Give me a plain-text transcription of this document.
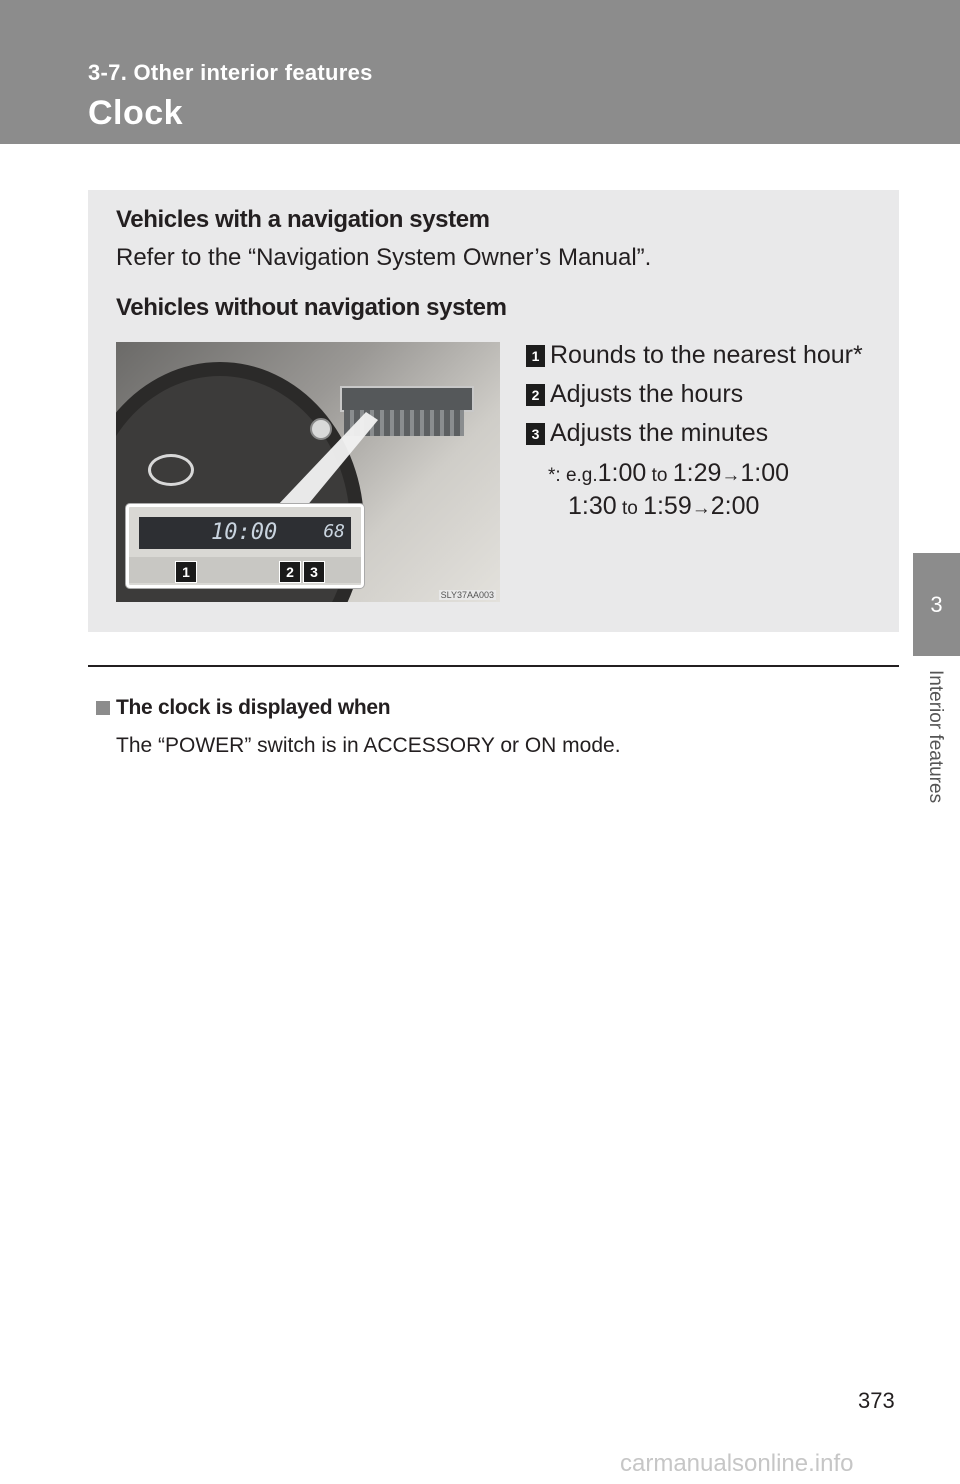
3-7. Other interior features
Clock
3
Interior features
Vehicles with a navigation system
Refer to the “Navigation System Owner’s Manual”.
Vehicles without navigation system
10:00	68
1	2	3
SLY37AA003
1 Rounds to the nearest hour*
2 Adjusts the hours
3 Adjusts the minutes
*: e.g.1:00 to 1:29→1:00
1:30 to 1:59→2:00
The clock is displayed when
The “POWER” switch is in ACCESSORY or ON mode.
373
carmanualsonline.info
